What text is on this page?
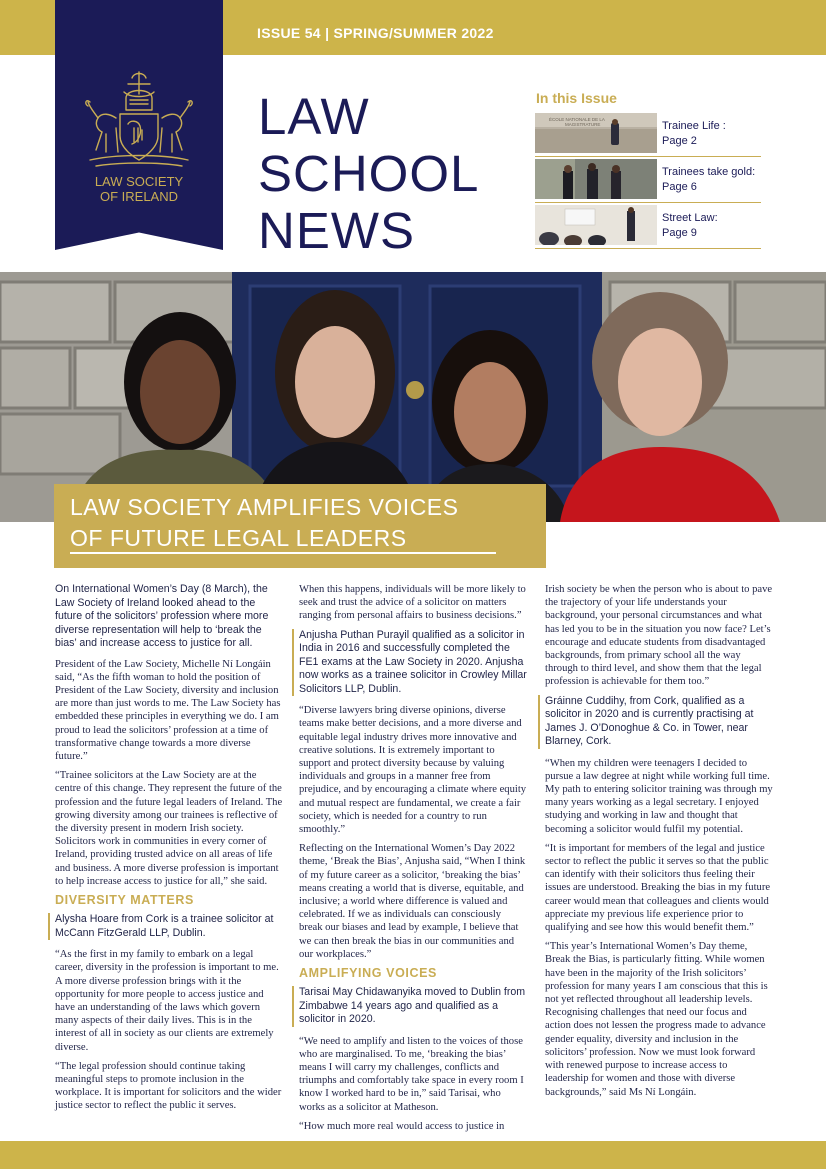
ISSUE 54 | SPRING/SUMMER 2022
LAW SOCIETY
OF IRELAND
LAW
SCHOOL
NEWS
In this Issue
ÉCOLE NATIONALE DE LA
MAGISTRATURE	Trainee Life :
Page 2
Trainees take gold:
Page 6
Street Law:
Page 9
LAW SOCIETY AMPLIFIES VOICES
OF FUTURE LEGAL LEADERS

On International Women’s Day (8 March), the Law Society of Ireland looked ahead to the future of the solicitors’ profession where more diverse representation will help to ‘break the bias’ and increase access to justice for all.

President of the Law Society, Michelle Ní Longáin said, “As the fifth woman to hold the position of President of the Law Society, diversity and inclusion are more than just words to me. The Law Society has embedded these principles in everything we do. I am proud to lead the solicitors’ profession at a time of transformative change towards a more diverse future.”

“Trainee solicitors at the Law Society are at the centre of this change. They represent the future of the profession and the future legal leaders of Ireland. The growing diversity among our trainees is reflective of the diversity present in modern Irish society. Solicitors work in communities in every corner of Ireland, providing trusted advice on all areas of life and business. A more diverse profession is important to help increase access to justice for all,” she said.

DIVERSITY MATTERS

Alysha Hoare from Cork is a trainee solicitor at McCann FitzGerald LLP, Dublin.

“As the first in my family to embark on a legal career, diversity in the profession is important to me. A more diverse profession brings with it the opportunity for more people to access justice and have an understanding of the laws which govern many aspects of their daily lives. This is in the interest of all in society as our clients are extremely diverse.

“The legal profession should continue taking meaningful steps to promote inclusion in the workplace. It is important for solicitors and the wider justice sector to reflect the public it serves.

When this happens, individuals will be more likely to seek and trust the advice of a solicitor on matters ranging from personal affairs to business decisions.”

Anjusha Puthan Purayil qualified as a solicitor in India in 2016 and successfully completed the FE1 exams at the Law Society in 2020. Anjusha now works as a trainee solicitor in Crowley Millar Solicitors LLP, Dublin.

“Diverse lawyers bring diverse opinions, diverse teams make better decisions, and a more diverse and equitable legal industry drives more innovative and creative solutions. It is extremely important to support and protect diversity because by valuing individuals and groups in a manner free from prejudice, and by encouraging a climate where equity and mutual respect are fundamental, we create a fair society, which is needed for a country to run smoothly.”

Reflecting on the International Women’s Day 2022 theme, ‘Break the Bias’, Anjusha said, “When I think of my future career as a solicitor, ‘breaking the bias’ means creating a world that is diverse, equitable, and inclusive; a world where difference is valued and celebrated. If we as individuals can consciously break our biases and lead by example, I believe that we can then break the bias in our communities and our workplaces.”

AMPLIFYING VOICES

Tarisai May Chidawanyika moved to Dublin from Zimbabwe 14 years ago and qualified as a solicitor in 2020.

“We need to amplify and listen to the voices of those who are marginalised. To me, ‘breaking the bias’ means I will carry my challenges, conflicts and triumphs and comfortably take space in every room I know I worked hard to be in,” said Tarisai, who works as a solicitor at Matheson.

“How much more real would access to justice in

Irish society be when the person who is about to pave the trajectory of your life understands your background, your personal circumstances and what has led you to be in the situation you now face? Let’s encourage and educate students from disadvantaged backgrounds, from primary school all the way through to third level, and show them that the legal profession is achievable for them too.”

Gráinne Cuddihy, from Cork, qualified as a solicitor in 2020 and is currently practising at James J. O’Donoghue & Co. in Tower, near Blarney, Cork.

“When my children were teenagers I decided to pursue a law degree at night while working full time. My path to entering solicitor training was through my many years working as a legal secretary. I enjoyed studying and working in law and thought that becoming a solicitor would fulfil my potential.

“It is important for members of the legal and justice sector to reflect the public it serves so that the public can identify with their solicitors thus feeling their issues are understood. Breaking the bias in my future career would mean that colleagues and clients would appreciate my previous life experience prior to qualifying and see how this would benefit them.”

“This year’s International Women’s Day theme, Break the Bias, is particularly fitting. While women have been in the majority of the Irish solicitors’ profession for many years I am conscious that this is not yet reflected throughout all leadership levels. Recognising challenges that need our focus and action does not lessen the progress made to advance gender equality, diversity and inclusion in the solicitors’ profession. Now we must look forward with renewed purpose to increase access to leadership for women and those with diverse backgrounds,” said Ms Ní Longáin.
